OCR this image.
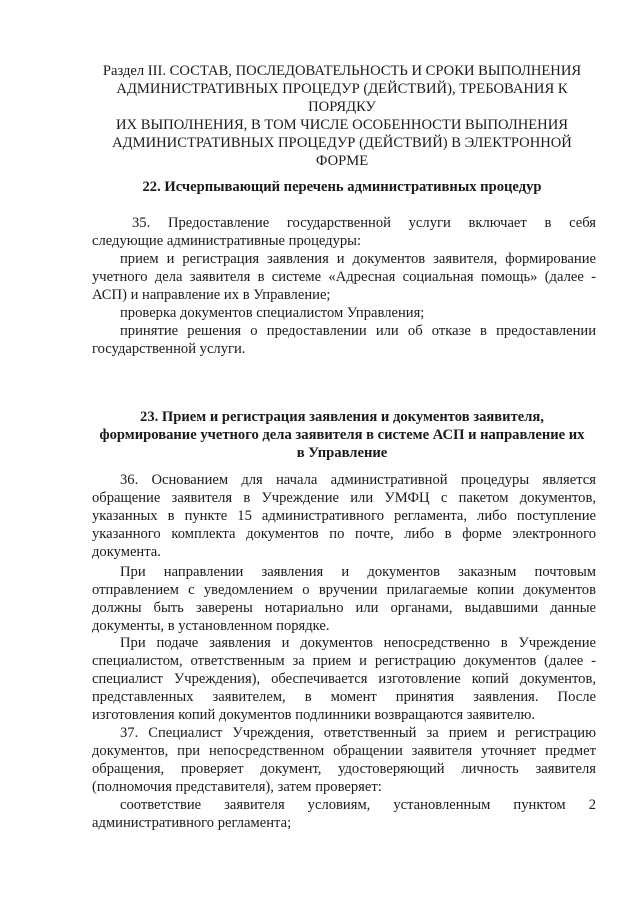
Раздел III. СОСТАВ, ПОСЛЕДОВАТЕЛЬНОСТЬ И СРОКИ ВЫПОЛНЕНИЯ
АДМИНИСТРАТИВНЫХ ПРОЦЕДУР (ДЕЙСТВИЙ), ТРЕБОВАНИЯ К
ПОРЯДКУ
ИХ ВЫПОЛНЕНИЯ, В ТОМ ЧИСЛЕ ОСОБЕННОСТИ ВЫПОЛНЕНИЯ
АДМИНИСТРАТИВНЫХ ПРОЦЕДУР (ДЕЙСТВИЙ) В ЭЛЕКТРОННОЙ
ФОРМЕ
22. Исчерпывающий перечень административных процедур
35. Предоставление государственной услуги включает в себя
следующие административные процедуры:
прием и регистрация заявления и документов заявителя, формирование
учетного дела заявителя в системе «Адресная социальная помощь» (далее -
АСП) и направление их в Управление;
проверка документов специалистом Управления;
принятие решения о предоставлении или об отказе в предоставлении
государственной услуги.
23. Прием и регистрация заявления и документов заявителя,
формирование учетного дела заявителя в системе АСП и направление их
в Управление
36. Основанием для начала административной процедуры является
обращение заявителя в Учреждение или УМФЦ с пакетом документов,
указанных в пункте 15 административного регламента, либо поступление
указанного комплекта документов по почте, либо в форме электронного
документа.
При направлении заявления и документов заказным почтовым
отправлением с уведомлением о вручении прилагаемые копии документов
должны быть заверены нотариально или органами, выдавшими данные
документы, в установленном порядке.
При подаче заявления и документов непосредственно в Учреждение
специалистом, ответственным за прием и регистрацию документов (далее -
специалист Учреждения), обеспечивается изготовление копий документов,
представленных заявителем, в момент принятия заявления. После
изготовления копий документов подлинники возвращаются заявителю.
37. Специалист Учреждения, ответственный за прием и регистрацию
документов, при непосредственном обращении заявителя уточняет предмет
обращения, проверяет документ, удостоверяющий личность заявителя
(полномочия представителя), затем проверяет:
соответствие заявителя условиям, установленным пунктом 2
административного регламента;
